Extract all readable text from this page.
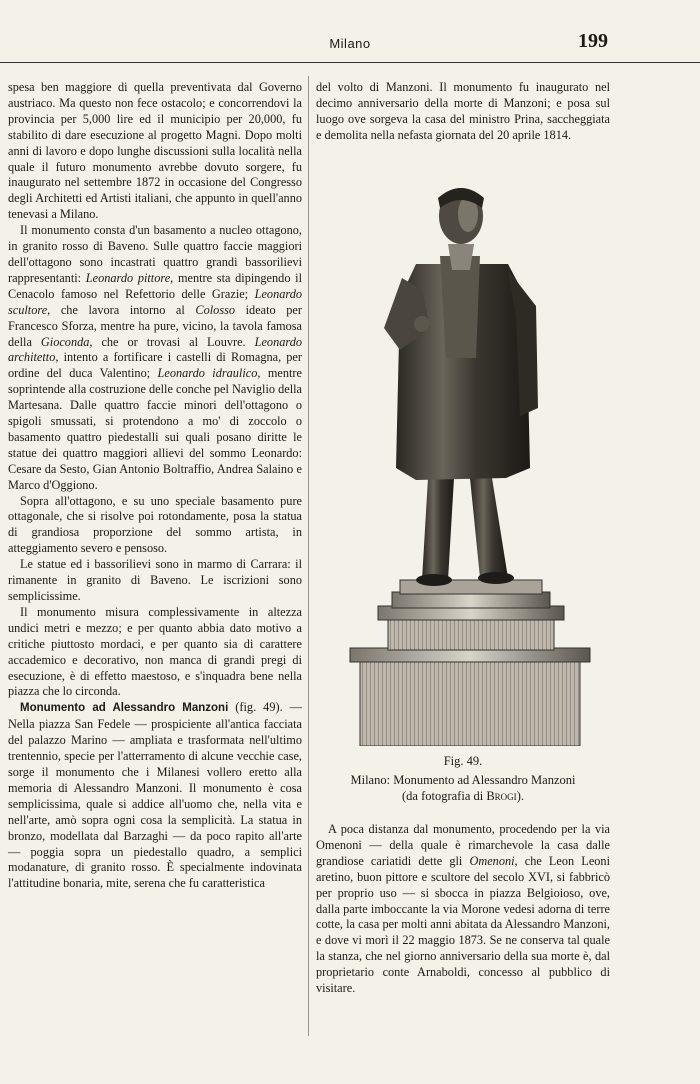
Milano	199

spesa ben maggiore di quella preventivata dal Governo austriaco. Ma questo non fece ostacolo; e concorrendovi la provincia per 5,000 lire ed il municipio per 20,000, fu stabilito di dare esecuzione al progetto Magni. Dopo molti anni di lavoro e dopo lunghe discussioni sulla località nella quale il futuro monumento avrebbe dovuto sorgere, fu inaugurato nel settembre 1872 in occasione del Congresso degli Architetti ed Artisti italiani, che appunto in quell'anno tenevasi a Milano.

Il monumento consta d'un basamento a nucleo ottagono, in granito rosso di Baveno. Sulle quattro faccie maggiori dell'ottagono sono incastrati quattro grandi bassorilievi rappresentanti: Leonardo pittore, mentre sta dipingendo il Cenacolo famoso nel Refettorio delle Grazie; Leonardo scultore, che lavora intorno al Colosso ideato per Francesco Sforza, mentre ha pure, vicino, la tavola famosa della Gioconda, che or trovasi al Louvre. Leonardo architetto, intento a fortificare i castelli di Romagna, per ordine del duca Valentino; Leonardo idraulico, mentre soprintende alla costruzione delle conche pel Naviglio della Martesana. Dalle quattro faccie minori dell'ottagono o spigoli smussati, si protendono a mo' di zoccolo o basamento quattro piedestalli sui quali posano diritte le statue dei quattro maggiori allievi del sommo Leonardo: Cesare da Sesto, Gian Antonio Boltraffio, Andrea Salaino e Marco d'Oggiono.

Sopra all'ottagono, e su uno speciale basamento pure ottagonale, che si risolve poi rotondamente, posa la statua di grandiosa proporzione del sommo artista, in atteggiamento severo e pensoso.

Le statue ed i bassorilievi sono in marmo di Carrara: il rimanente in granito di Baveno. Le iscrizioni sono semplicissime.

Il monumento misura complessivamente in altezza undici metri e mezzo; e per quanto abbia dato motivo a critiche piuttosto mordaci, e per quanto sia di carattere accademico e decorativo, non manca di grandi pregi di esecuzione, è di effetto maestoso, e s'inquadra bene nella piazza che lo circonda.

Monumento ad Alessandro Manzoni (fig. 49). — Nella piazza San Fedele — prospiciente all'antica facciata del palazzo Marino — ampliata e trasformata nell'ultimo trentennio, specie per l'atterramento di alcune vecchie case, sorge il monumento che i Milanesi vollero eretto alla memoria di Alessandro Manzoni. Il monumento è cosa semplicissima, quale si addice all'uomo che, nella vita e nell'arte, amò sopra ogni cosa la semplicità. La statua in bronzo, modellata dal Barzaghi — da poco rapito all'arte — poggia sopra un piedestallo quadro, a semplici modanature, di granito rosso. È specialmente indovinata l'attitudine bonaria, mite, serena che fu caratteristica

del volto di Manzoni. Il monumento fu inaugurato nel decimo anniversario della morte di Manzoni; e posa sul luogo ove sorgeva la casa del ministro Prina, saccheggiata e demolita nella nefasta giornata del 20 aprile 1814.

Fig. 49.
Milano: Monumento ad Alessandro Manzoni
(da fotografia di Brogi).

A poca distanza dal monumento, procedendo per la via Omenoni — della quale è rimarchevole la casa dalle grandiose cariatidi dette gli Omenoni, che Leon Leoni aretino, buon pittore e scultore del secolo XVI, si fabbricò per proprio uso — si sbocca in piazza Belgioioso, ove, dalla parte imboccante la via Morone vedesi adorna di terre cotte, la casa per molti anni abitata da Alessandro Manzoni, e dove vi morì il 22 maggio 1873. Se ne conserva tal quale la stanza, che nel giorno anniversario della sua morte è, dal proprietario conte Arnaboldi, concesso al pubblico di visitare.
